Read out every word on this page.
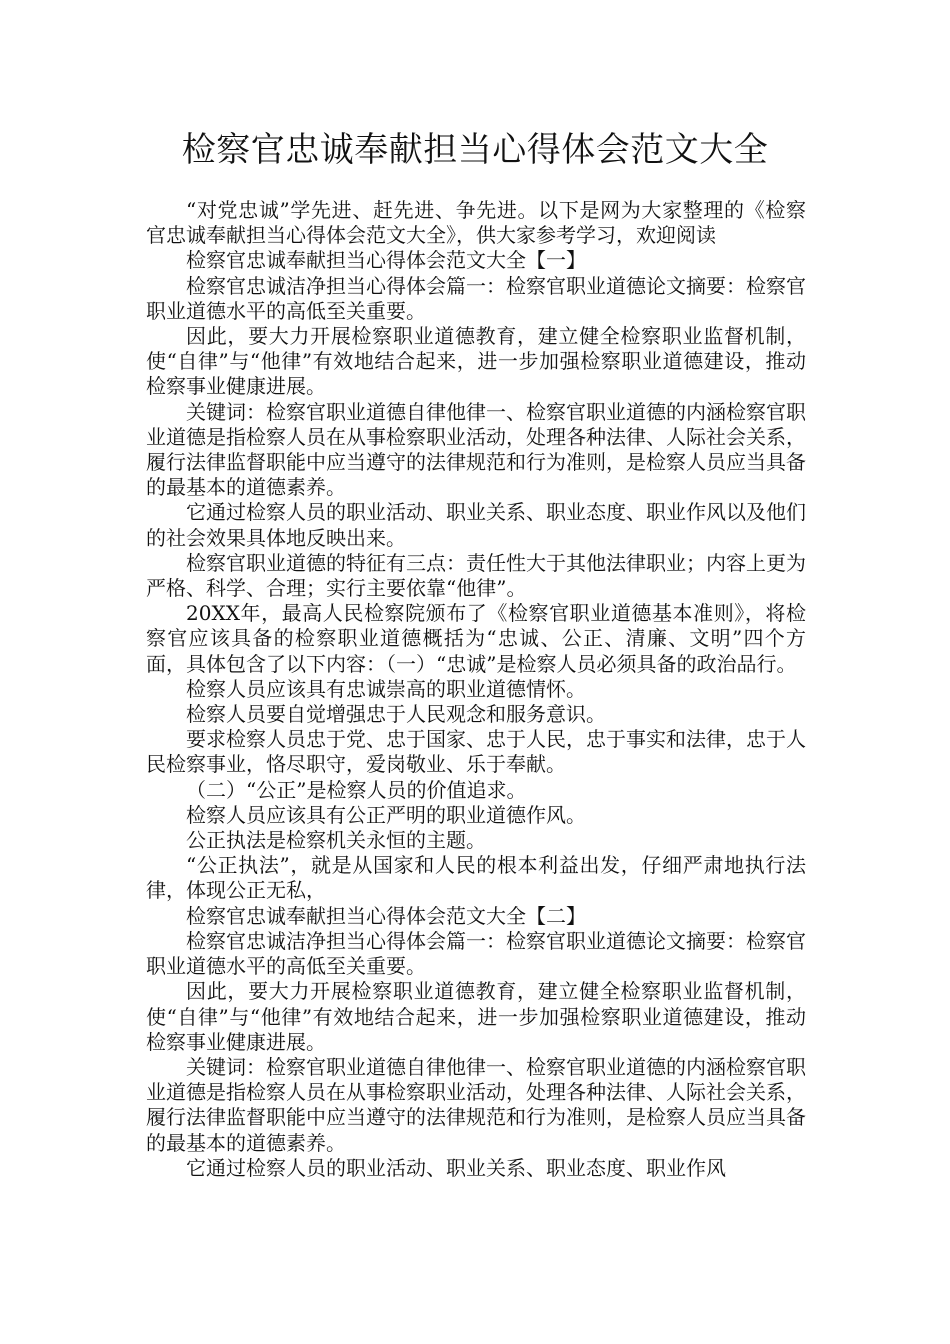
检察官忠诚奉献担当心得体会范文大全

“对党忠诚”学先进、赶先进、争先进。以下是网为大家整理的《检察官忠诚奉献担当心得体会范文大全》，供大家参考学习，欢迎阅读

检察官忠诚奉献担当心得体会范文大全【一】

检察官忠诚洁净担当心得体会篇一：检察官职业道德论文摘要：检察官职业道德水平的高低至关重要。

因此，要大力开展检察职业道德教育，建立健全检察职业监督机制，使“自律”与“他律”有效地结合起来，进一步加强检察职业道德建设，推动检察事业健康进展。

关键词：检察官职业道德自律他律一、检察官职业道德的内涵检察官职业道德是指检察人员在从事检察职业活动，处理各种法律、人际社会关系，履行法律监督职能中应当遵守的法律规范和行为准则，是检察人员应当具备的最基本的道德素养。

它通过检察人员的职业活动、职业关系、职业态度、职业作风以及他们的社会效果具体地反映出来。

检察官职业道德的特征有三点：责任性大于其他法律职业；内容上更为严格、科学、合理；实行主要依靠“他律”。

20XX年，最高人民检察院颁布了《检察官职业道德基本准则》，将检察官应该具备的检察职业道德概括为“忠诚、公正、清廉、文明”四个方面，具体包含了以下内容：（一）“忠诚”是检察人员必须具备的政治品行。

检察人员应该具有忠诚崇高的职业道德情怀。

检察人员要自觉增强忠于人民观念和服务意识。

要求检察人员忠于党、忠于国家、忠于人民，忠于事实和法律，忠于人民检察事业，恪尽职守，爱岗敬业、乐于奉献。

（二）“公正”是检察人员的价值追求。

检察人员应该具有公正严明的职业道德作风。

公正执法是检察机关永恒的主题。

“公正执法”，就是从国家和人民的根本利益出发，仔细严肃地执行法律，体现公正无私，

检察官忠诚奉献担当心得体会范文大全【二】

检察官忠诚洁净担当心得体会篇一：检察官职业道德论文摘要：检察官职业道德水平的高低至关重要。

因此，要大力开展检察职业道德教育，建立健全检察职业监督机制，使“自律”与“他律”有效地结合起来，进一步加强检察职业道德建设，推动检察事业健康进展。

关键词：检察官职业道德自律他律一、检察官职业道德的内涵检察官职业道德是指检察人员在从事检察职业活动，处理各种法律、人际社会关系，履行法律监督职能中应当遵守的法律规范和行为准则，是检察人员应当具备的最基本的道德素养。

它通过检察人员的职业活动、职业关系、职业态度、职业作风
